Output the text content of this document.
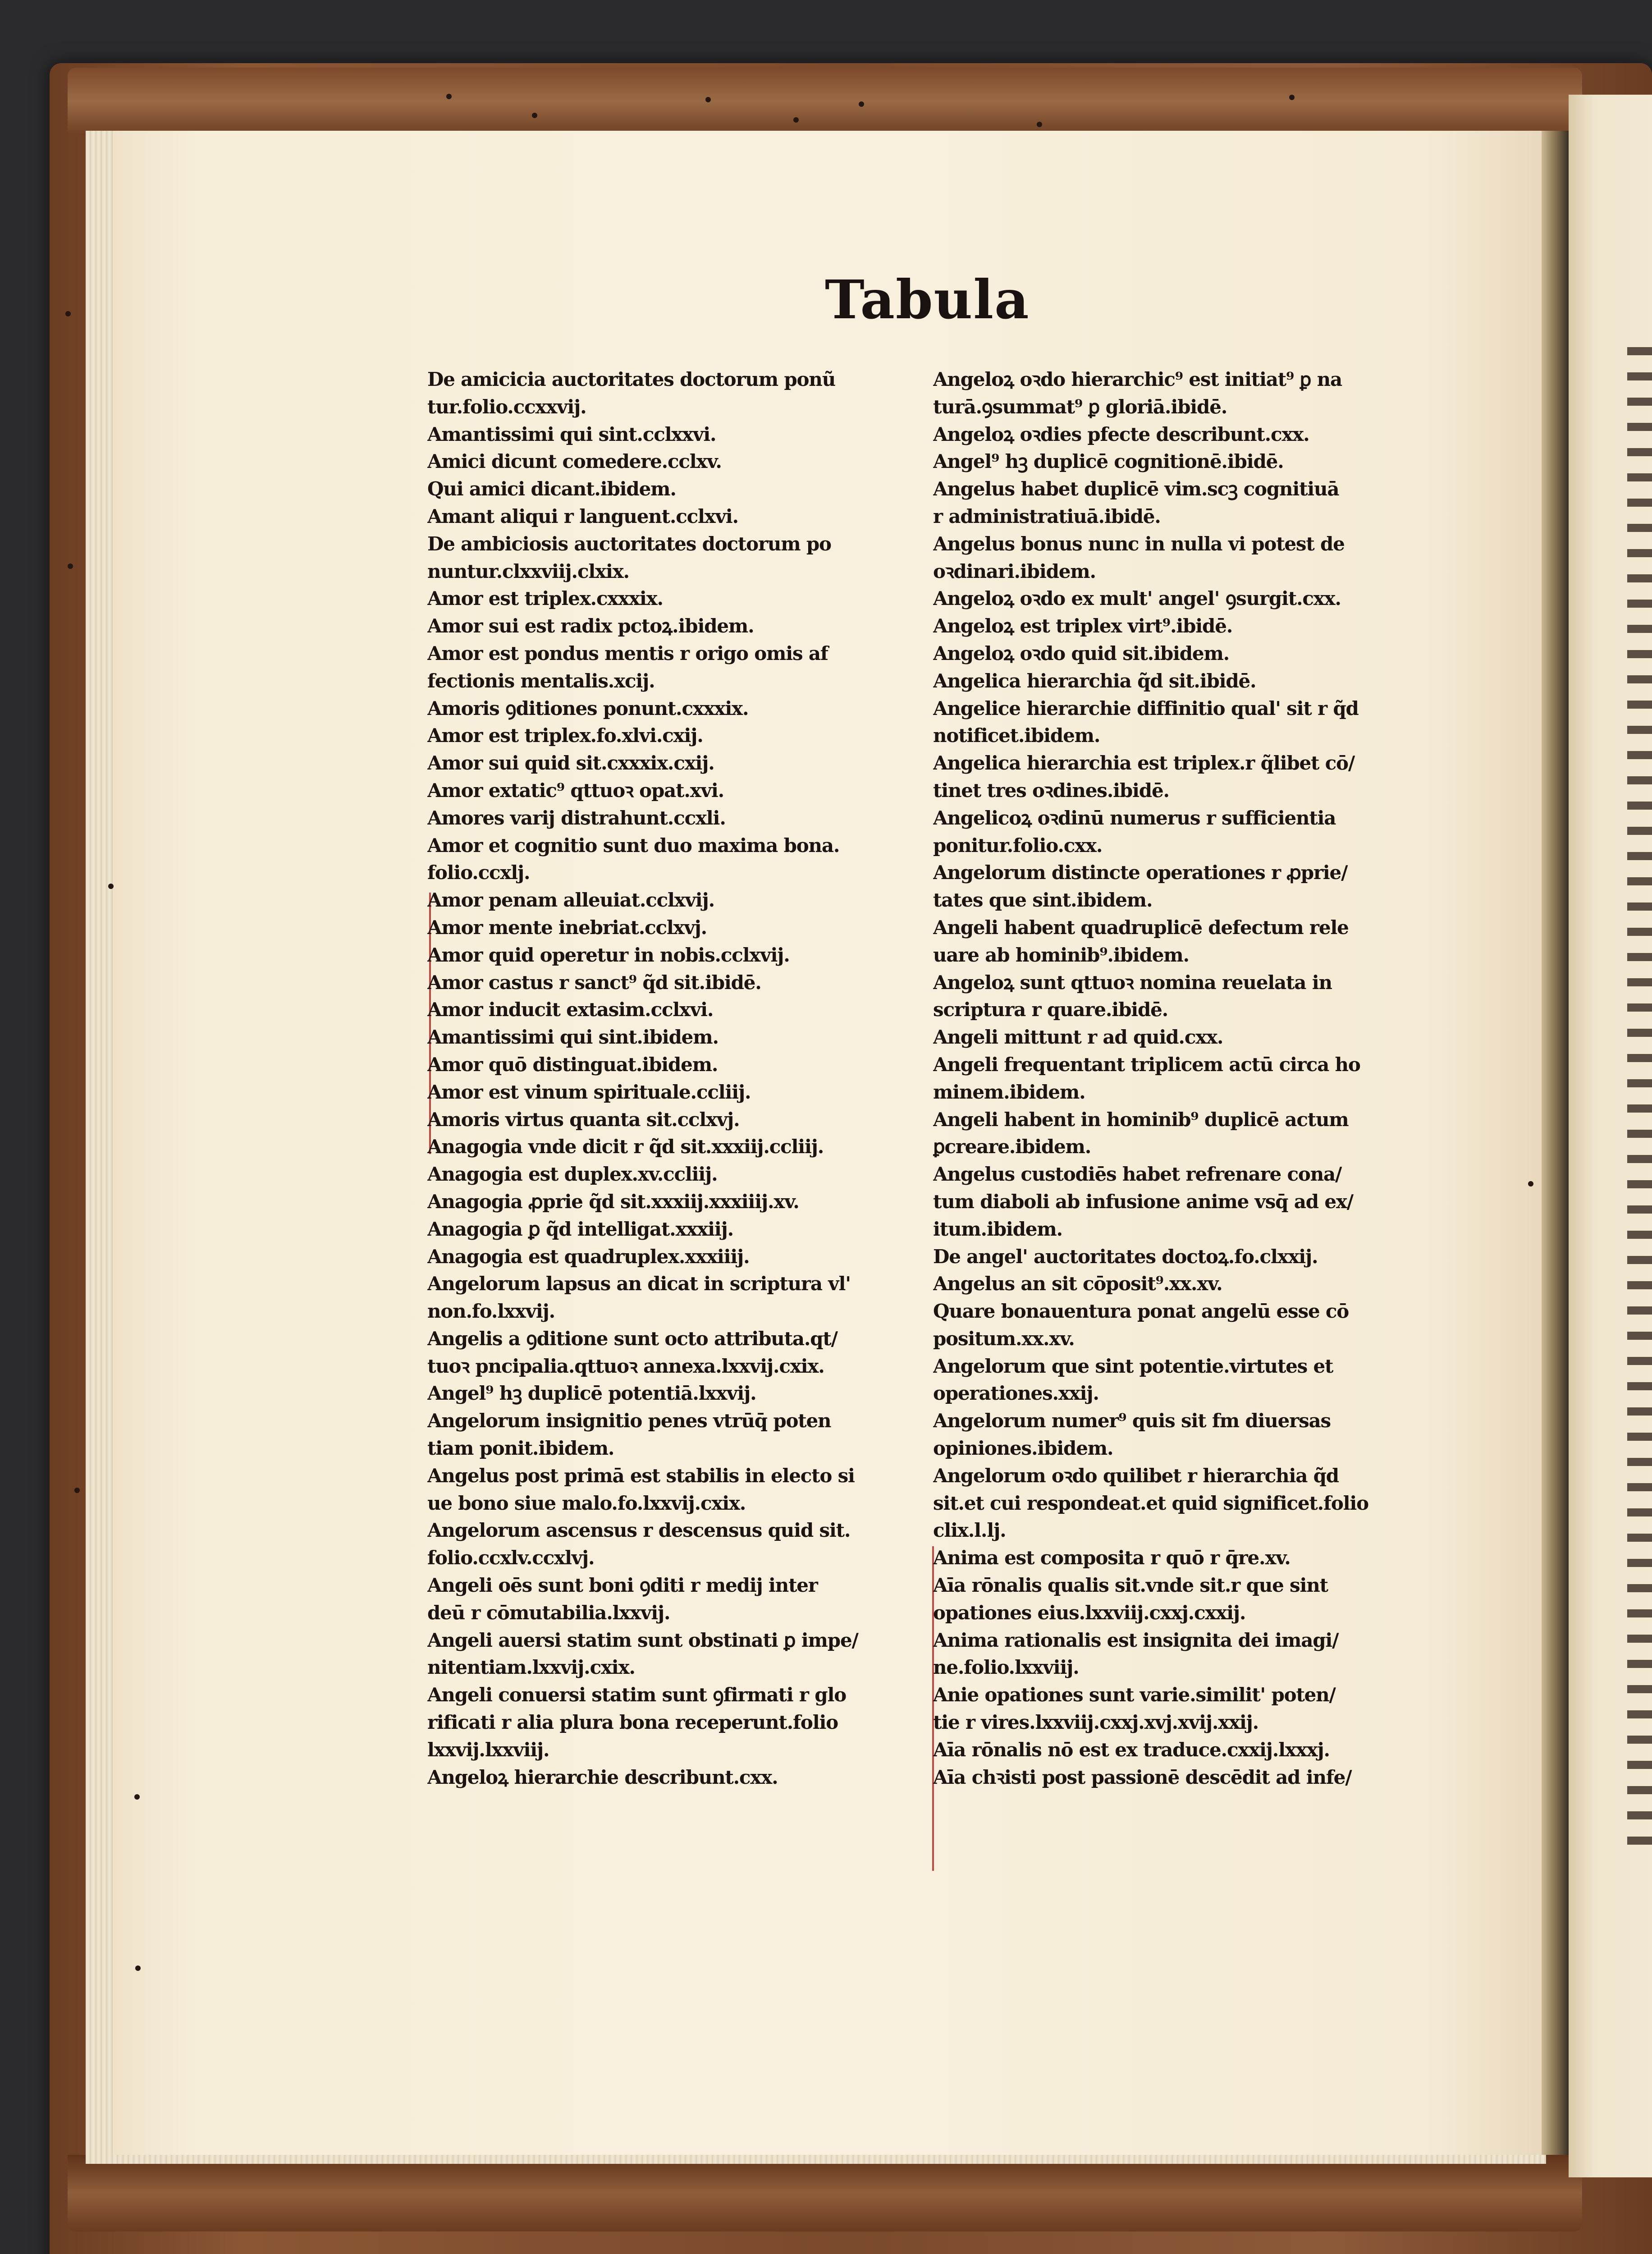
Tabula
De amicicia auctoritates doctorum ponũ
tur.folio.ccxxvij.
Amantissimi qui sint.cclxxvi.
Amici dicunt comedere.cclxv.
Qui amici dicant.ibidem.
Amant aliqui r languent.cclxvi.
De ambiciosis auctoritates doctorum po
nuntur.clxxviij.clxix.
Amor est triplex.cxxxix.
Amor sui est radix pctoꝝ.ibidem.
Amor est pondus mentis r origo omis af
fectionis mentalis.xcij.
Amoris ꝯditiones ponunt.cxxxix.
Amor est triplex.fo.xlvi.cxij.
Amor sui quid sit.cxxxix.cxij.
Amor extatic⁹ qttuoꝛ opat.xvi.
Amores varij distrahunt.ccxli.
Amor et cognitio sunt duo maxima bona.
folio.ccxlj.
Amor penam alleuiat.cclxvij.
Amor mente inebriat.cclxvj.
Amor quid operetur in nobis.cclxvij.
Amor castus r sanct⁹ q̃d sit.ibidē.
Amor inducit extasim.cclxvi.
Amantissimi qui sint.ibidem.
Amor quō distinguat.ibidem.
Amor est vinum spirituale.ccliij.
Amoris virtus quanta sit.cclxvj.
Anagogia vnde dicit r q̃d sit.xxxiij.ccliij.
Anagogia est duplex.xv.ccliij.
Anagogia ꝓprie q̃d sit.xxxiij.xxxiiij.xv.
Anagogia ꝑ q̃d intelligat.xxxiij.
Anagogia est quadruplex.xxxiiij.
Angelorum lapsus an dicat in scriptura vl'
non.fo.lxxvij.
Angelis a ꝯditione sunt octo attributa.qt/
tuoꝛ pncipalia.qttuoꝛ annexa.lxxvij.cxix.
Angel⁹ hꝫ duplicē potentiā.lxxvij.
Angelorum insignitio penes vtrūq̄ poten
tiam ponit.ibidem.
Angelus post primā est stabilis in electo si
ue bono siue malo.fo.lxxvij.cxix.
Angelorum ascensus r descensus quid sit.
folio.ccxlv.ccxlvj.
Angeli oēs sunt boni ꝯditi r medij inter
deū r cōmutabilia.lxxvij.
Angeli auersi statim sunt obstinati ꝑ impe/
nitentiam.lxxvij.cxix.
Angeli conuersi statim sunt ꝯfirmati r glo
rificati r alia plura bona receperunt.folio
lxxvij.lxxviij.
Angeloꝝ hierarchie describunt.cxx.
Angeloꝝ oꝛdo hierarchic⁹ est initiat⁹ ꝑ na
turā.ꝯsummat⁹ ꝑ gloriā.ibidē.
Angeloꝝ oꝛdies pfecte describunt.cxx.
Angel⁹ hꝫ duplicē cognitionē.ibidē.
Angelus habet duplicē vim.scꝫ cognitiuā
r administratiuā.ibidē.
Angelus bonus nunc in nulla vi potest de
oꝛdinari.ibidem.
Angeloꝝ oꝛdo ex mult' angel' ꝯsurgit.cxx.
Angeloꝝ est triplex virt⁹.ibidē.
Angeloꝝ oꝛdo quid sit.ibidem.
Angelica hierarchia q̃d sit.ibidē.
Angelice hierarchie diffinitio qual' sit r q̃d
notificet.ibidem.
Angelica hierarchia est triplex.r q̃libet cō/
tinet tres oꝛdines.ibidē.
Angelicoꝝ oꝛdinū numerus r sufficientia
ponitur.folio.cxx.
Angelorum distincte operationes r ꝓprie/
tates que sint.ibidem.
Angeli habent quadruplicē defectum rele
uare ab hominib⁹.ibidem.
Angeloꝝ sunt qttuoꝛ nomina reuelata in
scriptura r quare.ibidē.
Angeli mittunt r ad quid.cxx.
Angeli frequentant triplicem actū circa ho
minem.ibidem.
Angeli habent in hominib⁹ duplicē actum
ꝑcreare.ibidem.
Angelus custodiēs habet refrenare cona/
tum diaboli ab infusione anime vsq̄ ad ex/
itum.ibidem.
De angel' auctoritates doctoꝝ.fo.clxxij.
Angelus an sit cōposit⁹.xx.xv.
Quare bonauentura ponat angelū esse cō
positum.xx.xv.
Angelorum que sint potentie.virtutes et
operationes.xxij.
Angelorum numer⁹ quis sit fm diuersas
opiniones.ibidem.
Angelorum oꝛdo quilibet r hierarchia q̃d
sit.et cui respondeat.et quid significet.folio
clix.l.lj.
Anima est composita r quō r q̄re.xv.
Aīa rōnalis qualis sit.vnde sit.r que sint
opationes eius.lxxviij.cxxj.cxxij.
Anima rationalis est insignita dei imagi/
ne.folio.lxxviij.
Anie opationes sunt varie.similit' poten/
tie r vires.lxxviij.cxxj.xvj.xvij.xxij.
Aīa rōnalis nō est ex traduce.cxxij.lxxxj.
Aīa chꝛisti post passionē descēdit ad infe/
